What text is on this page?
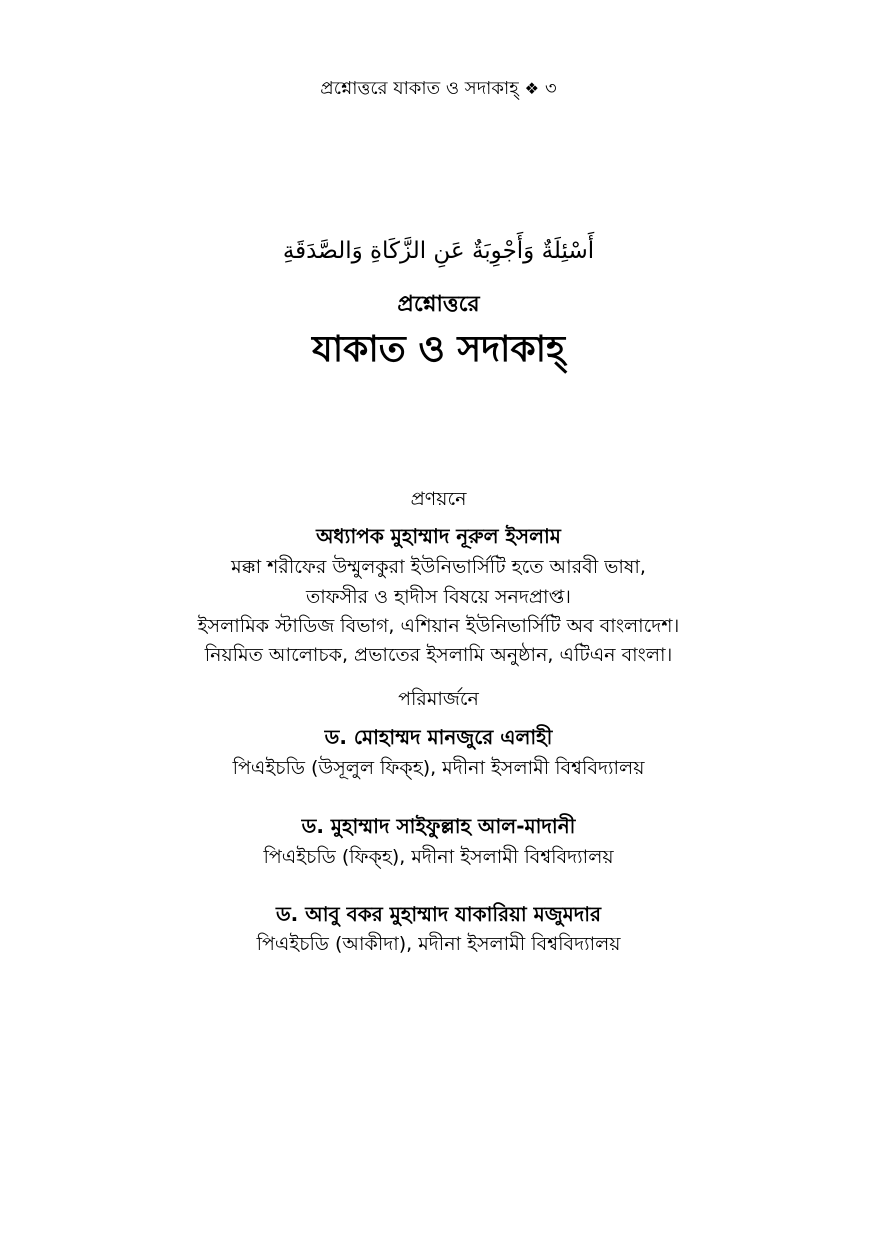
প্রশ্নোত্তরে যাকাত ও সদাকাহ্ ❖ ৩
أَسْئِلَةٌ وَأَجْوِبَةٌ عَنِ الزَّكَاةِ وَالصَّدَقَةِ
প্রশ্নোত্তরে
যাকাত ও সদাকাহ্
প্রণয়নে
অধ্যাপক মুহাম্মাদ নূরুল ইসলাম
মক্কা শরীফের উম্মুলকুরা ইউনিভার্সিটি হতে আরবী ভাষা,
তাফসীর ও হাদীস বিষয়ে সনদপ্রাপ্ত।
ইসলামিক স্টাডিজ বিভাগ, এশিয়ান ইউনিভার্সিটি অব বাংলাদেশ।
নিয়মিত আলোচক, প্রভাতের ইসলামি অনুষ্ঠান, এটিএন বাংলা।
পরিমার্জনে
ড. মোহাম্মদ মানজুরে এলাহী
পিএইচডি (উসূলুল ফিক্হ), মদীনা ইসলামী বিশ্ববিদ্যালয়
ড. মুহাম্মাদ সাইফুল্লাহ আল-মাদানী
পিএইচডি (ফিক্হ), মদীনা ইসলামী বিশ্ববিদ্যালয়
ড. আবু বকর মুহাম্মাদ যাকারিয়া মজুমদার
পিএইচডি (আকীদা), মদীনা ইসলামী বিশ্ববিদ্যালয়
